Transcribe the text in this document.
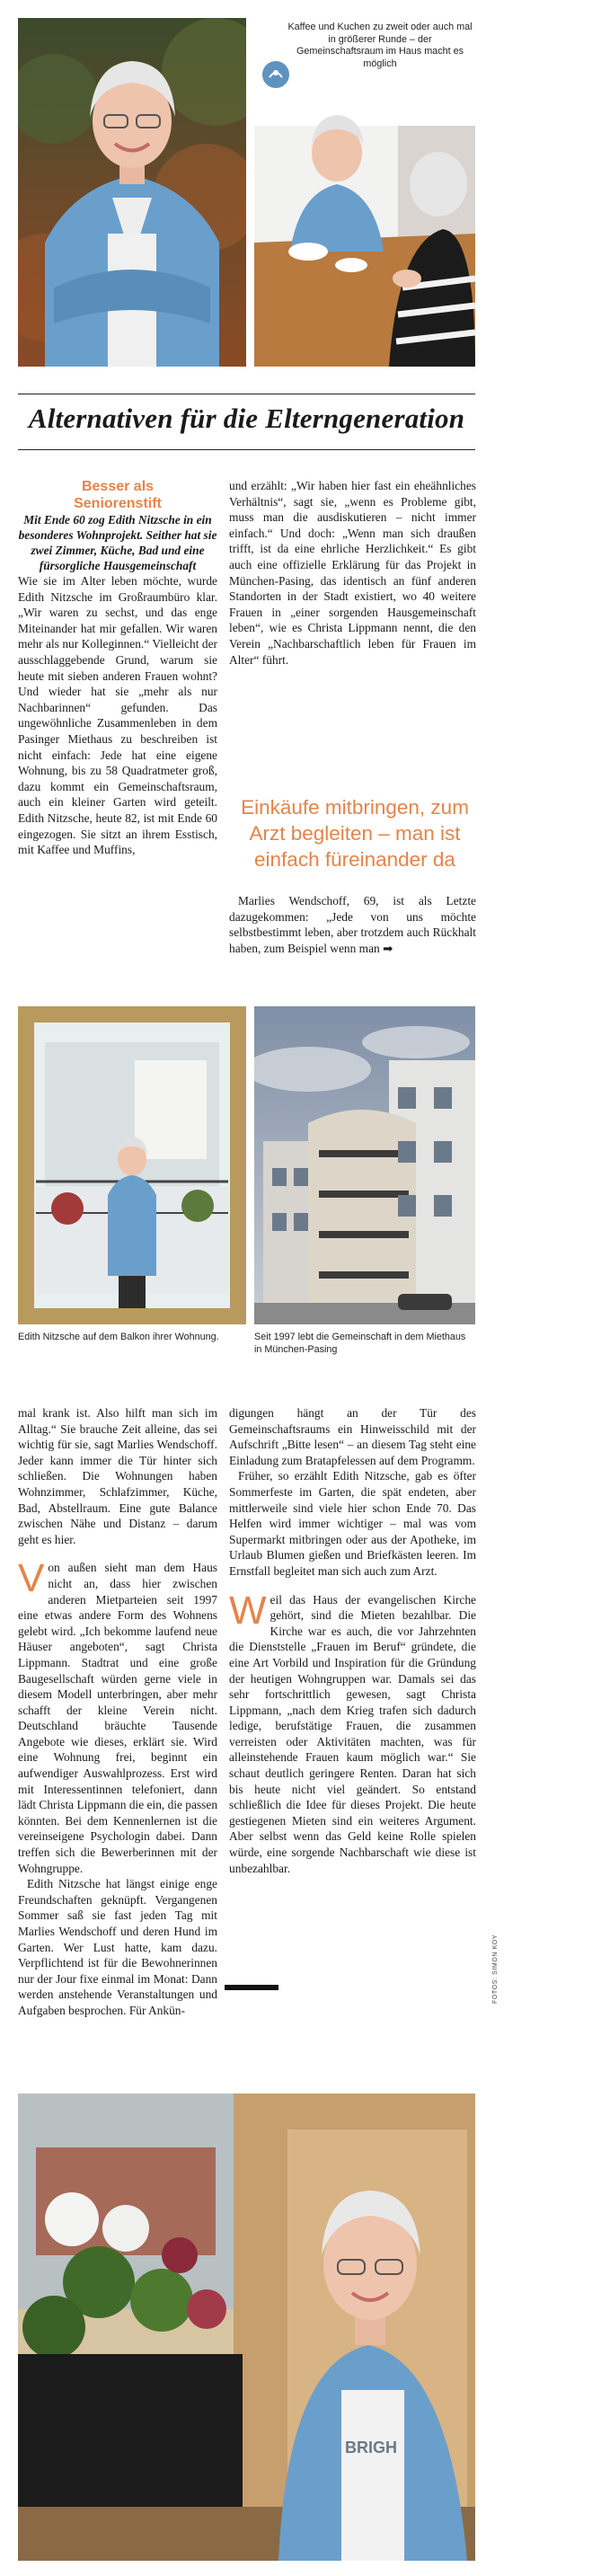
Kaffee und Kuchen zu zweit oder auch mal in größerer Runde – der Gemeinschaftsraum im Haus macht es möglich
Alternativen für die Elterngeneration
Besser als Seniorenstift

Mit Ende 60 zog Edith Nitzsche in ein besonderes Wohnprojekt. Seither hat sie zwei Zimmer, Küche, Bad und eine fürsorgliche Hausgemeinschaft

Wie sie im Alter leben möchte, wurde Edith Nitzsche im Großraumbüro klar. „Wir waren zu sechst, und das enge Miteinander hat mir gefallen. Wir waren mehr als nur Kolleginnen.“ Vielleicht der ausschlaggebende Grund, warum sie heute mit sieben anderen Frauen wohnt? Und wieder hat sie „mehr als nur Nachbarinnen“ gefunden. Das ungewöhnliche Zusammenleben in dem Pasinger Miethaus zu beschreiben ist nicht einfach: Jede hat eine eigene Wohnung, bis zu 58 Quadratmeter groß, dazu kommt ein Gemeinschaftsraum, auch ein kleiner Garten wird geteilt. Edith Nitzsche, heute 82, ist mit Ende 60 eingezogen. Sie sitzt an ihrem Esstisch, mit Kaffee und Muffins,

und erzählt: „Wir haben hier fast ein eheähnliches Verhältnis“, sagt sie, „wenn es Probleme gibt, muss man die ausdiskutieren – nicht immer einfach.“ Und doch: „Wenn man sich draußen trifft, ist da eine ehrliche Herzlichkeit.“ Es gibt auch eine offizielle Erklärung für das Projekt in München-Pasing, das identisch an fünf anderen Standorten in der Stadt existiert, wo 40 weitere Frauen in „einer sorgenden Hausgemeinschaft leben“, wie es Christa Lippmann nennt, die den Verein „Nachbarschaftlich leben für Frauen im Alter“ führt.

Einkäufe mitbringen, zum Arzt begleiten – man ist einfach füreinander da

Marlies Wendschoff, 69, ist als Letzte dazugekommen: „Jede von uns möchte selbstbestimmt leben, aber trotzdem auch Rückhalt haben, zum Beispiel wenn man ➡

Edith Nitzsche auf dem Balkon ihrer Wohnung.	Seit 1997 lebt die Gemeinschaft in dem Miethaus in München-Pasing

mal krank ist. Also hilft man sich im Alltag.“ Sie brauche Zeit alleine, das sei wichtig für sie, sagt Marlies Wendschoff. Jeder kann immer die Tür hinter sich schließen. Die Wohnungen haben Wohnzimmer, Schlafzimmer, Küche, Bad, Abstellraum. Eine gute Balance zwischen Nähe und Distanz – darum geht es hier.

Von außen sieht man dem Haus nicht an, dass hier zwischen anderen Mietparteien seit 1997 eine etwas andere Form des Wohnens gelebt wird. „Ich bekomme laufend neue Häuser angeboten“, sagt Christa Lippmann. Stadtrat und eine große Baugesellschaft würden gerne viele in diesem Modell unterbringen, aber mehr schafft der kleine Verein nicht. Deutschland bräuchte Tausende Angebote wie dieses, erklärt sie. Wird eine Wohnung frei, beginnt ein aufwendiger Auswahlprozess. Erst wird mit Interessentinnen telefoniert, dann lädt Christa Lippmann die ein, die passen könnten. Bei dem Kennenlernen ist die vereinseigene Psychologin dabei. Dann treffen sich die Bewerberinnen mit der Wohngruppe.

Edith Nitzsche hat längst einige enge Freundschaften geknüpft. Vergangenen Sommer saß sie fast jeden Tag mit Marlies Wendschoff und deren Hund im Garten. Wer Lust hatte, kam dazu. Verpflichtend ist für die Bewohnerinnen nur der Jour fixe einmal im Monat: Dann werden anstehende Veranstaltungen und Aufgaben besprochen. Für Ankün-

digungen hängt an der Tür des Gemeinschaftsraums ein Hinweisschild mit der Aufschrift „Bitte lesen“ – an diesem Tag steht eine Einladung zum Bratapfelessen auf dem Programm.

Früher, so erzählt Edith Nitzsche, gab es öfter Sommerfeste im Garten, die spät endeten, aber mittlerweile sind viele hier schon Ende 70. Das Helfen wird immer wichtiger – mal was vom Supermarkt mitbringen oder aus der Apotheke, im Urlaub Blumen gießen und Briefkästen leeren. Im Ernstfall begleitet man sich auch zum Arzt.

Weil das Haus der evangelischen Kirche gehört, sind die Mieten bezahlbar. Die Kirche war es auch, die vor Jahrzehnten die Dienststelle „Frauen im Beruf“ gründete, die eine Art Vorbild und Inspiration für die Gründung der heutigen Wohngruppen war. Damals sei das sehr fortschrittlich gewesen, sagt Christa Lippmann, „nach dem Krieg trafen sich dadurch ledige, berufstätige Frauen, die zusammen verreisten oder Aktivitäten machten, was für alleinstehende Frauen kaum möglich war.“ Sie schaut deutlich geringere Renten. Daran hat sich bis heute nicht viel geändert. So entstand schließlich die Idee für dieses Projekt. Die heute gestiegenen Mieten sind ein weiteres Argument. Aber selbst wenn das Geld keine Rolle spielen würde, eine sorgende Nachbarschaft wie diese ist unbezahlbar.

FOTOS: SIMON KOY
BRIGH
